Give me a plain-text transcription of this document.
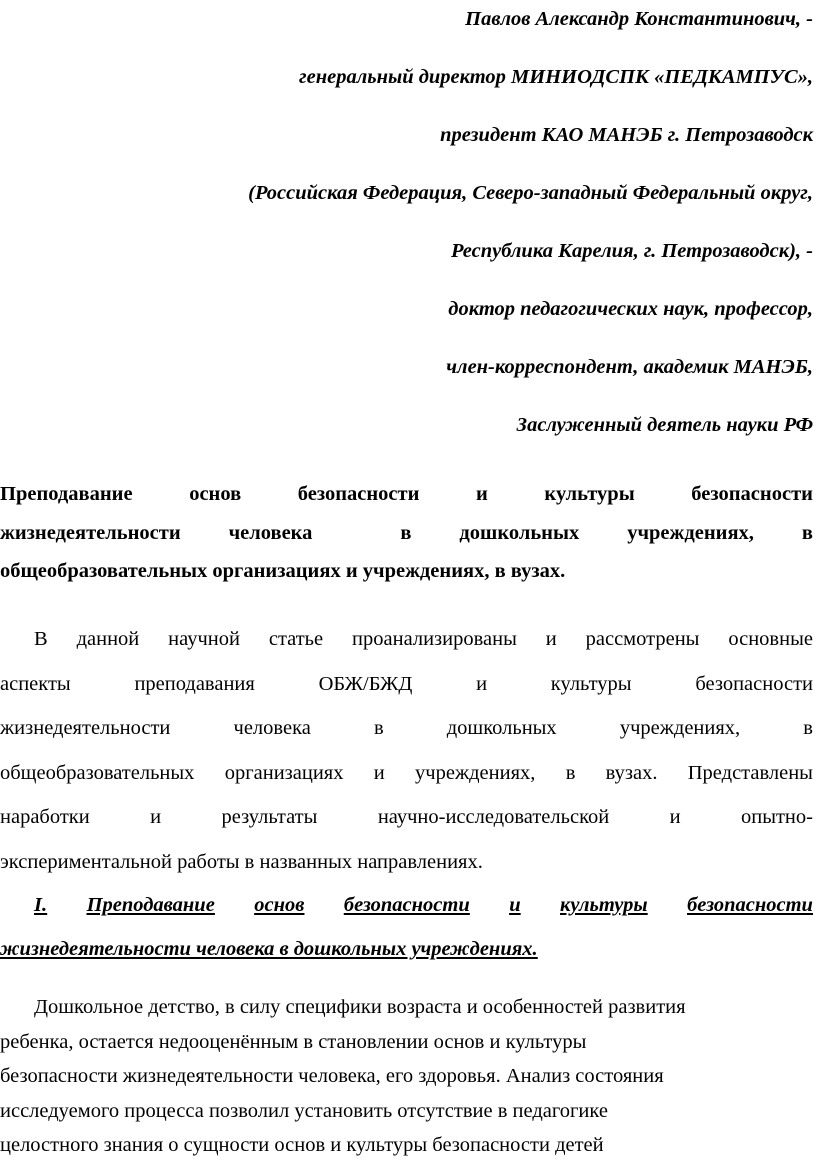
Павлов Александр Константинович, -
генеральный директор МИНИОДСПК «ПЕДКАМПУС»,
президент КАО МАНЭБ г. Петрозаводск
(Российская Федерация, Северо-западный Федеральный округ,
Республика Карелия, г. Петрозаводск), -
доктор педагогических наук, профессор,
член-корреспондент, академик МАНЭБ,
Заслуженный деятель науки РФ
Преподавание	основ	безопасности	и	культуры	безопасности
жизнедеятельности человека	в дошкольных учреждениях, в
общеобразовательных организациях и учреждениях, в вузах.
В данной научной статье проанализированы и рассмотрены основные
аспекты	преподавания	ОБЖ/БЖД	и	культуры	безопасности
жизнедеятельности	человека	в	дошкольных	учреждениях,	в
общеобразовательных организациях и учреждениях, в вузах. Представлены
наработки	и	результаты	научно-исследовательской	и	опытно-
экспериментальной работы в названных направлениях.
I. Преподавание основ безопасности и культуры безопасности
жизнедеятельности человека в дошкольных учреждениях.
Дошкольное детство, в силу специфики возраста и особенностей развития
ребенка, остается недооценённым в становлении основ и культуры
безопасности жизнедеятельности человека, его здоровья. Анализ состояния
исследуемого процесса позволил установить отсутствие в педагогике
целостного знания о сущности основ и культуры безопасности детей
